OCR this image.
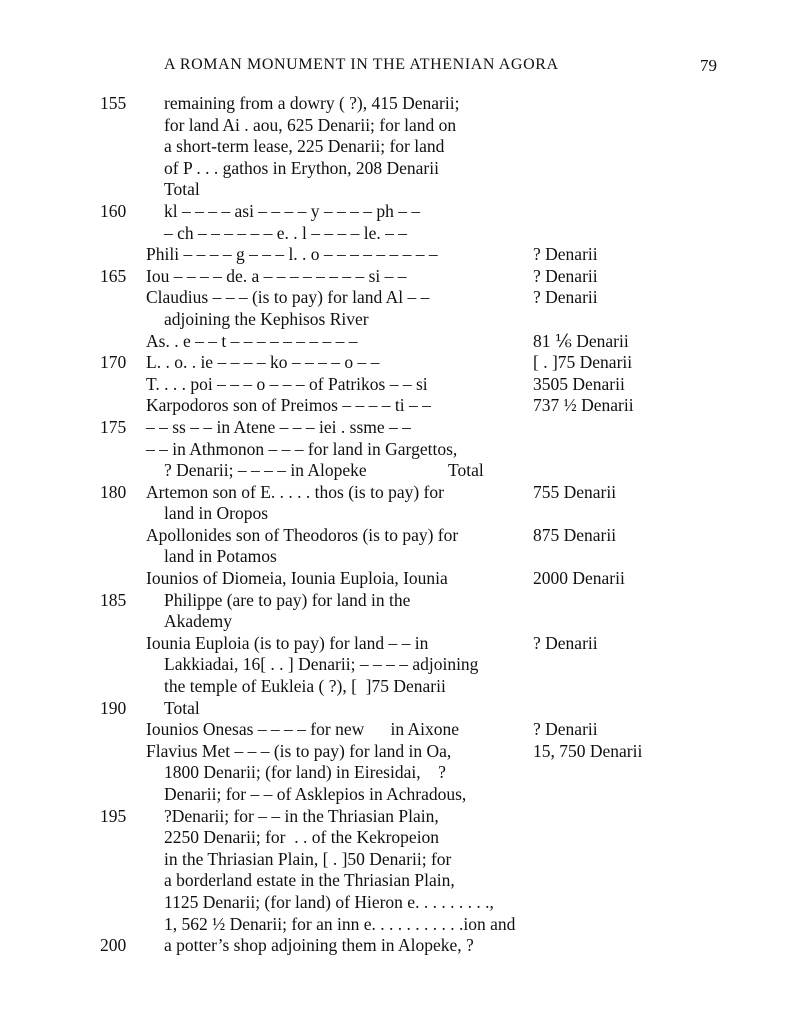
A ROMAN MONUMENT IN THE ATHENIAN AGORA	79
155 remaining from a dowry ( ?), 415 Denarii;
for land Ai . aou, 625 Denarii; for land on
a short-term lease, 225 Denarii; for land
of P . . . gathos in Erython, 208 Denarii
Total
160 kl – – – – asi – – – – y – – – – ph – –
– ch – – – – – – e. . l – – – – le. – –
Phili – – – – g – – – l. . o – – – – – – – – –	? Denarii
165 Iou – – – – de. a – – – – – – – – si – –	? Denarii
Claudius – – – (is to pay) for land Al – –	? Denarii
adjoining the Kephisos River
As. . e – – t – – – – – – – – – –	81 ⅙ Denarii
170 L. . o. . ie – – – – ko – – – – o – –	[ . ]75 Denarii
T. . . . poi – – – o – – – of Patrikos – – si	3505 Denarii
Karpodoros son of Preimos – – – – ti – –	737 ½ Denarii
175 – – ss – – in Atene – – – iei . ssme – –
– – in Athmonon – – – for land in Gargettos,
? Denarii; – – – – in Alopeke	Total
180 Artemon son of E. . . . . thos (is to pay) for	755 Denarii
land in Oropos
Apollonides son of Theodoros (is to pay) for	875 Denarii
land in Potamos
Iounios of Diomeia, Iounia Euploia, Iounia	2000 Denarii
185 Philippe (are to pay) for land in the
Akademy
Iounia Euploia (is to pay) for land – – in	? Denarii
Lakkiadai, 16[ . . ] Denarii; – – – – adjoining
the temple of Eukleia ( ?), [  ]75 Denarii
190 Total
Iounios Onesas – – – – for new      in Aixone	? Denarii
Flavius Met – – – (is to pay) for land in Oa,	15, 750 Denarii
1800 Denarii; (for land) in Eiresidai,    ?
Denarii; for – – of Asklepios in Achradous,
195 ?Denarii; for – – in the Thriasian Plain,
2250 Denarii; for  . . of the Kekropeion
in the Thriasian Plain, [ . ]50 Denarii; for
a borderland estate in the Thriasian Plain,
1125 Denarii; (for land) of Hieron e. . . . . . . . .,
1, 562 ½ Denarii; for an inn e. . . . . . . . . . .ion and
200 a potter’s shop adjoining them in Alopeke, ?
